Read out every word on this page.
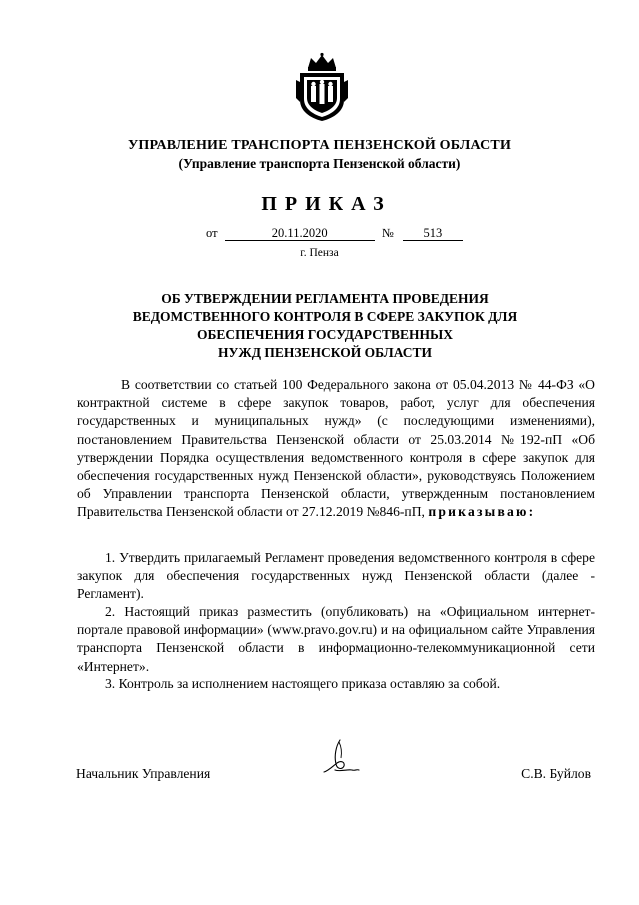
УПРАВЛЕНИЕ ТРАНСПОРТА ПЕНЗЕНСКОЙ ОБЛАСТИ
(Управление транспорта Пензенской области)
ПРИКАЗ
от	20.11.2020	№ 513
г. Пенза
ОБ УТВЕРЖДЕНИИ РЕГЛАМЕНТА ПРОВЕДЕНИЯ
ВЕДОМСТВЕННОГО КОНТРОЛЯ В СФЕРЕ ЗАКУПОК ДЛЯ
ОБЕСПЕЧЕНИЯ ГОСУДАРСТВЕННЫХ
НУЖД ПЕНЗЕНСКОЙ ОБЛАСТИ
В соответствии со статьей 100 Федерального закона от 05.04.2013 № 44-ФЗ «О контрактной системе в сфере закупок товаров, работ, услуг для обеспечения государственных и муниципальных нужд» (с последующими изменениями), постановлением Правительства Пензенской области от 25.03.2014 №192-пП «Об утверждении Порядка осуществления ведомственного контроля в сфере закупок для обеспечения государственных нужд Пензенской области», руководствуясь Положением об Управлении транспорта Пензенской области, утвержденным постановлением Правительства Пензенской области от 27.12.2019 №846-пП, приказываю:
1. Утвердить прилагаемый Регламент проведения ведомственного контроля в сфере закупок для обеспечения государственных нужд Пензенской области (далее - Регламент).
2. Настоящий приказ разместить (опубликовать) на «Официальном интернет-портале правовой информации» (www.pravo.gov.ru) и на официальном сайте Управления транспорта Пензенской области в информационно-телекоммуникационной сети «Интернет».
3. Контроль за исполнением настоящего приказа оставляю за собой.
Начальник Управления	С.В. Буйлов
